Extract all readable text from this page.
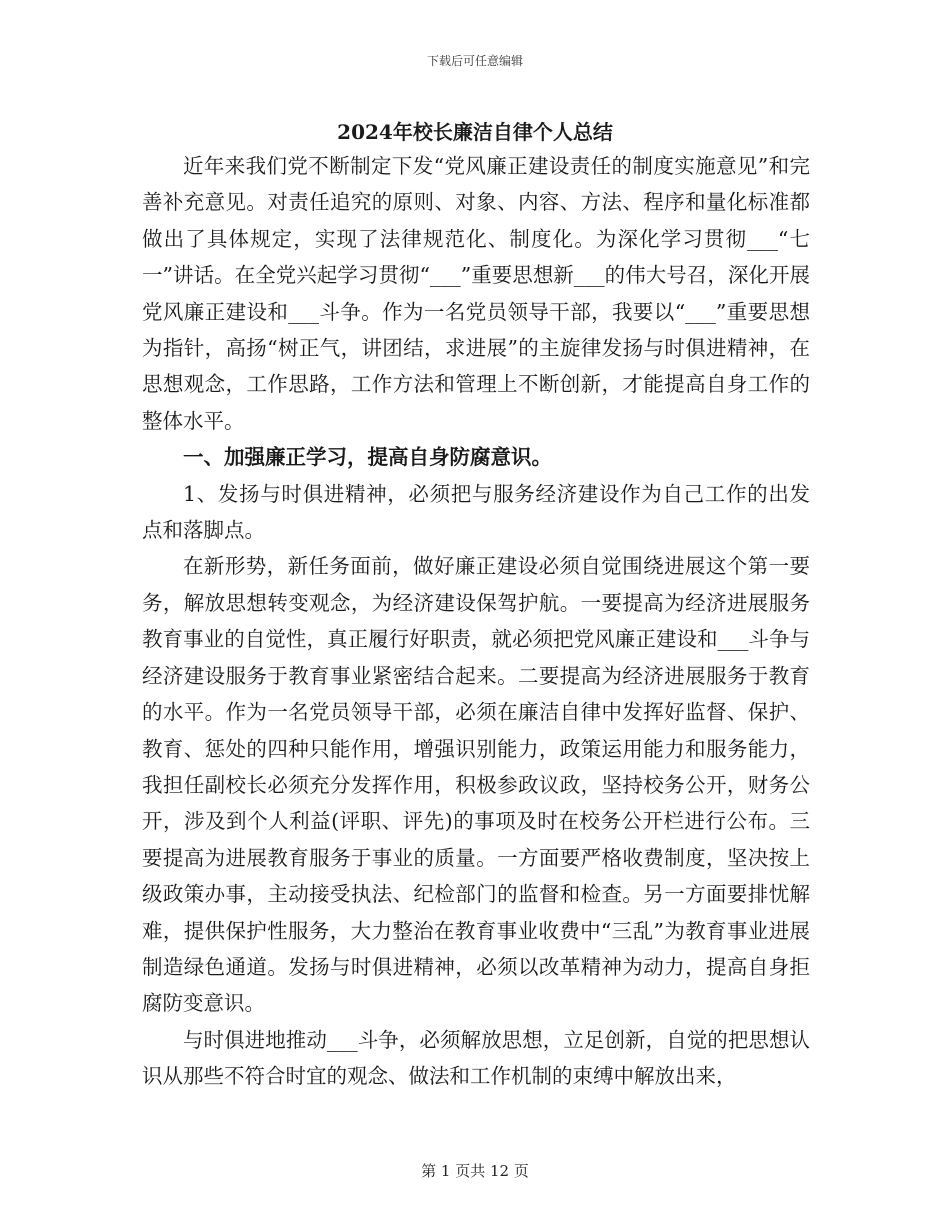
下载后可任意编辑
2024年校长廉洁自律个人总结

近年来我们党不断制定下发“党风廉正建设责任的制度实施意见”和完善补充意见。对责任追究的原则、对象、内容、方法、程序和量化标准都做出了具体规定，实现了法律规范化、制度化。为深化学习贯彻___“七一”讲话。在全党兴起学习贯彻“___”重要思想新___的伟大号召，深化开展党风廉正建设和___斗争。作为一名党员领导干部，我要以“___”重要思想为指针，高扬“树正气，讲团结，求进展”的主旋律发扬与时俱进精神，在思想观念，工作思路，工作方法和管理上不断创新，才能提高自身工作的整体水平。

一、加强廉正学习，提高自身防腐意识。

1、发扬与时俱进精神，必须把与服务经济建设作为自己工作的出发点和落脚点。

在新形势，新任务面前，做好廉正建设必须自觉围绕进展这个第一要务，解放思想转变观念，为经济建设保驾护航。一要提高为经济进展服务教育事业的自觉性，真正履行好职责，就必须把党风廉正建设和___斗争与经济建设服务于教育事业紧密结合起来。二要提高为经济进展服务于教育的水平。作为一名党员领导干部，必须在廉洁自律中发挥好监督、保护、教育、惩处的四种只能作用，增强识别能力，政策运用能力和服务能力，我担任副校长必须充分发挥作用，积极参政议政，坚持校务公开，财务公开，涉及到个人利益(评职、评先)的事项及时在校务公开栏进行公布。三要提高为进展教育服务于事业的质量。一方面要严格收费制度，坚决按上级政策办事，主动接受执法、纪检部门的监督和检查。另一方面要排忧解难，提供保护性服务，大力整治在教育事业收费中“三乱”为教育事业进展制造绿色通道。发扬与时俱进精神，必须以改革精神为动力，提高自身拒腐防变意识。

与时俱进地推动___斗争，必须解放思想，立足创新，自觉的把思想认识从那些不符合时宜的观念、做法和工作机制的束缚中解放出来，

第 1 页共 12 页
